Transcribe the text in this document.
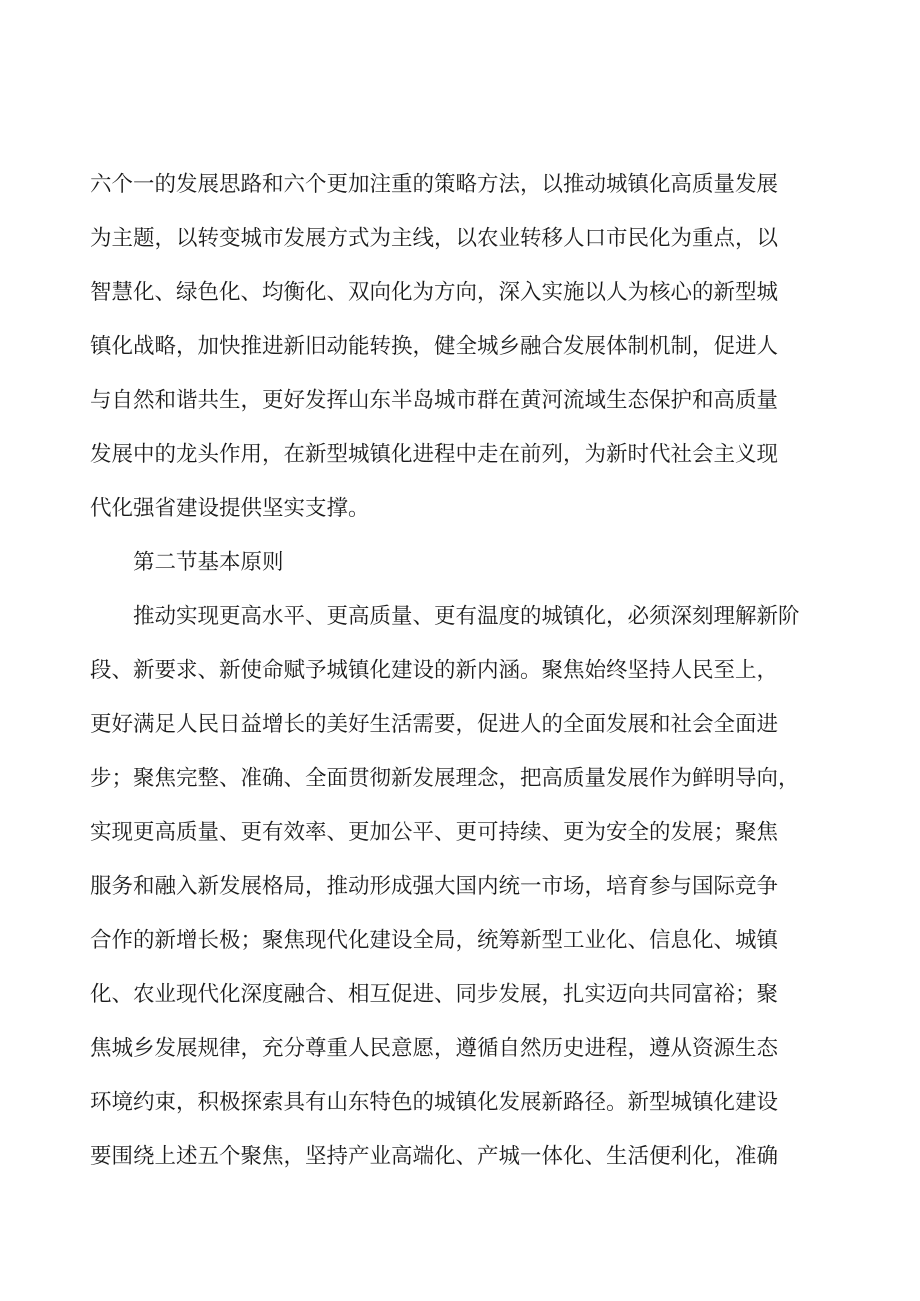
六个一的发展思路和六个更加注重的策略方法，以推动城镇化高质量发展
为主题，以转变城市发展方式为主线，以农业转移人口市民化为重点，以
智慧化、绿色化、均衡化、双向化为方向，深入实施以人为核心的新型城
镇化战略，加快推进新旧动能转换，健全城乡融合发展体制机制，促进人
与自然和谐共生，更好发挥山东半岛城市群在黄河流域生态保护和高质量
发展中的龙头作用，在新型城镇化进程中走在前列，为新时代社会主义现
代化强省建设提供坚实支撑。
第二节基本原则
推动实现更高水平、更高质量、更有温度的城镇化，必须深刻理解新阶
段、新要求、新使命赋予城镇化建设的新内涵。聚焦始终坚持人民至上，
更好满足人民日益增长的美好生活需要，促进人的全面发展和社会全面进
步；聚焦完整、准确、全面贯彻新发展理念，把高质量发展作为鲜明导向，
实现更高质量、更有效率、更加公平、更可持续、更为安全的发展；聚焦
服务和融入新发展格局，推动形成强大国内统一市场，培育参与国际竞争
合作的新增长极；聚焦现代化建设全局，统筹新型工业化、信息化、城镇
化、农业现代化深度融合、相互促进、同步发展，扎实迈向共同富裕；聚
焦城乡发展规律，充分尊重人民意愿，遵循自然历史进程，遵从资源生态
环境约束，积极探索具有山东特色的城镇化发展新路径。新型城镇化建设
要围绕上述五个聚焦，坚持产业高端化、产城一体化、生活便利化，准确
